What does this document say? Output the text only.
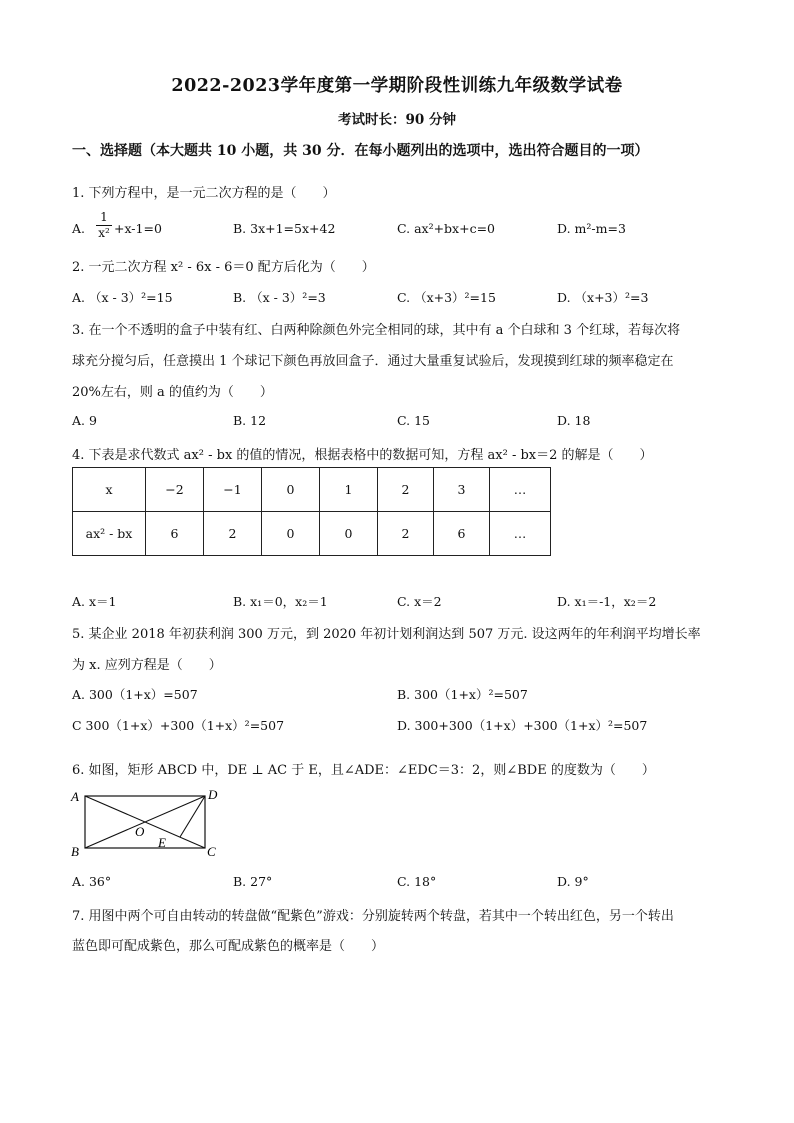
2022-2023学年度第一学期阶段性训练九年级数学试卷
考试时长：90 分钟
一、选择题（本大题共 10 小题，共 30 分．在每小题列出的选项中，选出符合题目的一项）
1. 下列方程中，是一元二次方程的是（　　）
A.
1
x² +x-1=0	B. 3x+1=5x+42	C. ax²+bx+c=0	D. m²-m=3
2. 一元二次方程 x² - 6x - 6＝0 配方后化为（　　）
A. （x - 3）²=15	B. （x - 3）²=3	C. （x+3）²=15	D. （x+3）²=3
3. 在一个不透明的盒子中装有红、白两种除颜色外完全相同的球，其中有 a 个白球和 3 个红球，若每次将
球充分搅匀后，任意摸出 1 个球记下颜色再放回盒子．通过大量重复试验后，发现摸到红球的频率稳定在
20%左右，则 a 的值约为（　　）
A. 9	B. 12	C. 15	D. 18
4. 下表是求代数式 ax² - bx 的值的情况，根据表格中的数据可知，方程 ax² - bx＝2 的解是（　　）
x	−2	−1	0	1	2	3	…
ax² - bx	6	2	0	0	2	6	…
A. x＝1	B. x₁＝0，x₂＝1	C. x＝2	D. x₁＝-1，x₂＝2
5. 某企业 2018 年初获利润 300 万元，到 2020 年初计划利润达到 507 万元. 设这两年的年利润平均增长率
为 x. 应列方程是（　　）
A. 300（1+x）=507	B. 300（1+x）²=507
C 300（1+x）+300（1+x）²=507	D. 300+300（1+x）+300（1+x）²=507
6. 如图，矩形 ABCD 中，DE ⊥ AC 于 E，且∠ADE：∠EDC＝3：2，则∠BDE 的度数为（　　）
A	D
B	C
O
E
A. 36°	B. 27°	C. 18°	D. 9°
7. 用图中两个可自由转动的转盘做“配紫色”游戏：分别旋转两个转盘，若其中一个转出红色，另一个转出
蓝色即可配成紫色，那么可配成紫色的概率是（　　）
